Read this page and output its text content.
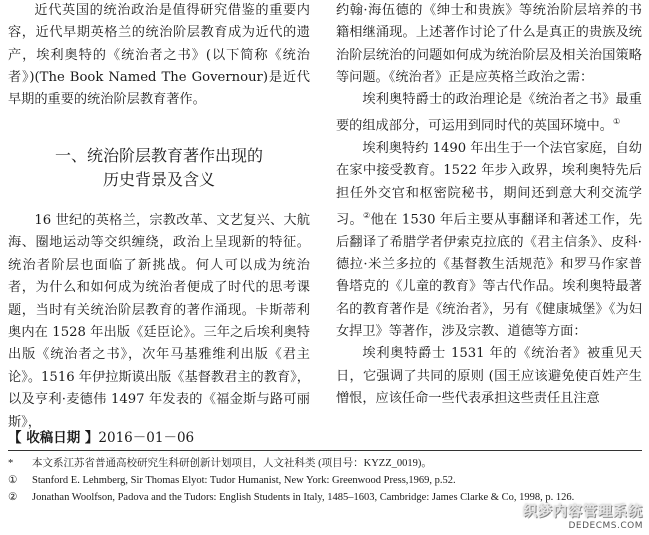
近代英国的统治政治是值得研究借鉴的重要内容，近代早期英格兰的统治阶层教育成为近代的遗产，埃利奥特的《统治者之书》(以下简称《统治者》)(The Book Named The Governour)是近代早期的重要的统治阶层教育著作。

一、统治阶层教育著作出现的

历史背景及含义

16 世纪的英格兰，宗教改革、文艺复兴、大航海、圈地运动等交织缠绕，政治上呈现新的特征。统治者阶层也面临了新挑战。何人可以成为统治者，为什么和如何成为统治者便成了时代的思考课题，当时有关统治阶层教育的著作涌现。卡斯蒂利奥内在 1528 年出版《廷臣论》。三年之后埃利奥特出版《统治者之书》，次年马基雅维利出版《君主论》。1516 年伊拉斯谟出版《基督教君主的教育》，以及亨利·麦德伟 1497 年发表的《福金斯与路可丽斯》，

【 收稿日期 】2016－01－06

约翰·海伍德的《绅士和贵族》等统治阶层培养的书籍相继涌现。上述著作讨论了什么是真正的贵族及统治阶层统治的问题如何成为统治阶层及相关治国策略等问题。《统治者》正是应英格兰政治之需：

埃利奥特爵士的政治理论是《统治者之书》最重要的组成部分，可运用到同时代的英国环境中。①

埃利奥特约 1490 年出生于一个法官家庭，自幼在家中接受教育。1522 年步入政界，埃利奥特先后担任外交官和枢密院秘书，期间还到意大利交流学习。②他在 1530 年后主要从事翻译和著述工作，先后翻译了希腊学者伊索克拉底的《君主信条》、皮科·德拉·米兰多拉的《基督教生活规范》和罗马作家普鲁塔克的《儿童的教育》等古代作品。埃利奥特最著名的教育著作是《统治者》，另有《健康城堡》《为妇女捍卫》等著作，涉及宗教、道德等方面：

埃利奥特爵士 1531 年的《统治者》被重见天日，它强调了共同的原则 (国王应该避免使百姓产生憎恨，应该任命一些代表承担这些责任且注意

*	本文系江苏省普通高校研究生科研创新计划项目，人文社科类 (项目号：KYZZ_0019)。
①	Stanford E. Lehmberg, Sir Thomas Elyot: Tudor Humanist, New York: Greenwood Press,1969, p.52.
②	Jonathan Woolfson, Padova and the Tudors: English Students in Italy, 1485–1603, Cambridge: James Clarke & Co, 1998, p. 126.
织梦内容管理系统
DEDECMS.COM
